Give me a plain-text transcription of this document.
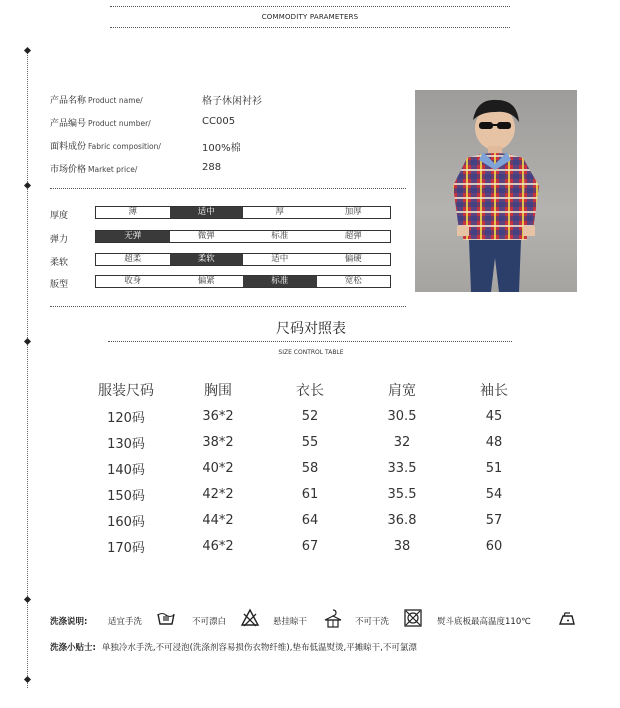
COMMODITY PARAMETERS
产品名称 Product name/	格子休闲衬衫
产品编号 Product number/	CC005
面料成份 Fabric composition/	100%棉
市场价格 Market price/	288
厚度	薄	适中	厚	加厚
弹力	无弹	微弹	标准	超弹
柔软	超柔	柔软	适中	偏硬
版型	收身	偏紧	标准	宽松
尺码对照表
SIZE CONTROL TABLE
服装尺码	胸围	衣长	肩宽	袖长
120码	36*2	52	30.5	45
130码	38*2	55	32	48
140码	40*2	58	33.5	51
150码	42*2	61	35.5	54
160码	44*2	64	36.8	57
170码	46*2	67	38	60
洗涤说明: 适宜手洗	不可漂白	悬挂晾干	不可干洗	熨斗底板最高温度110℃
洗涤小贴士: 单独冷水手洗,不可浸泡(洗涤剂容易损伤衣物纤维),垫布低温熨烫,平摊晾干,不可氯漂
